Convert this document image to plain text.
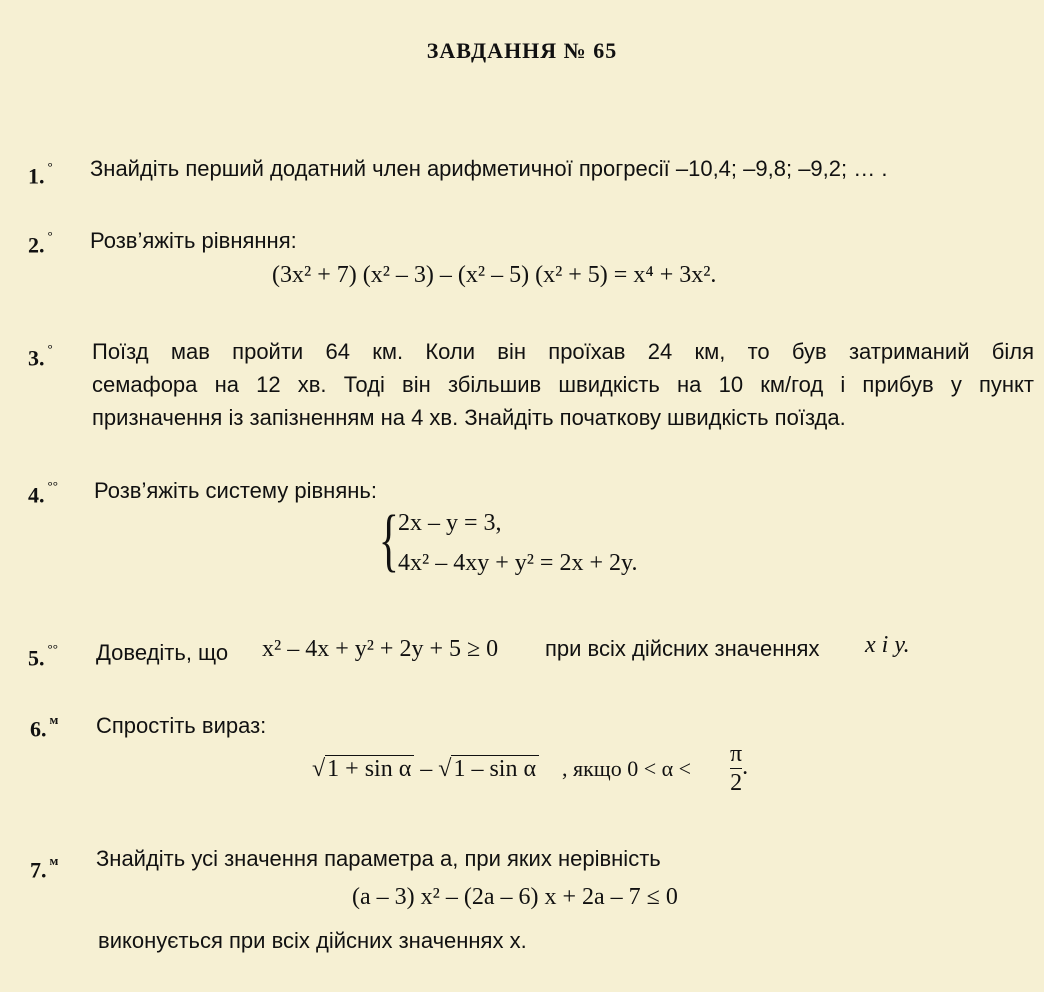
ЗАВДАННЯ № 65
1. ° Знайдіть перший додатний член арифметичної прогресії –10,4; –9,8; –9,2; … .
2. ° Розв’яжіть рівняння:
(3x² + 7) (x² – 3) – (x² – 5) (x² + 5) = x⁴ + 3x².
3. ° Поїзд мав пройти 64 км. Коли він проїхав 24 км, то був затриманий біля
семафора на 12 хв. Тоді він збільшив швидкість на 10 км/год і прибув у пункт
призначення із запізненням на 4 хв. Знайдіть початкову швидкість поїзда.
4. °° Розв’яжіть систему рівнянь:
{ 2x – y = 3,
4x² – 4xy + y² = 2x + 2y.
5. °° Доведіть, що x² – 4x + y² + 2y + 5 ≥ 0 при всіх дійсних значеннях x і y.
6. $^м$ Спростіть вираз:
√1 + sin α – √1 – sin α , якщо $0 < \alpha < \frac{\pi}{2}$ .
7. $^м$ Знайдіть усі значення параметра a, при яких нерівність
(a – 3) x² – (2a – 6) x + 2a – 7 ≤ 0
виконується при всіх дійсних значеннях x.
